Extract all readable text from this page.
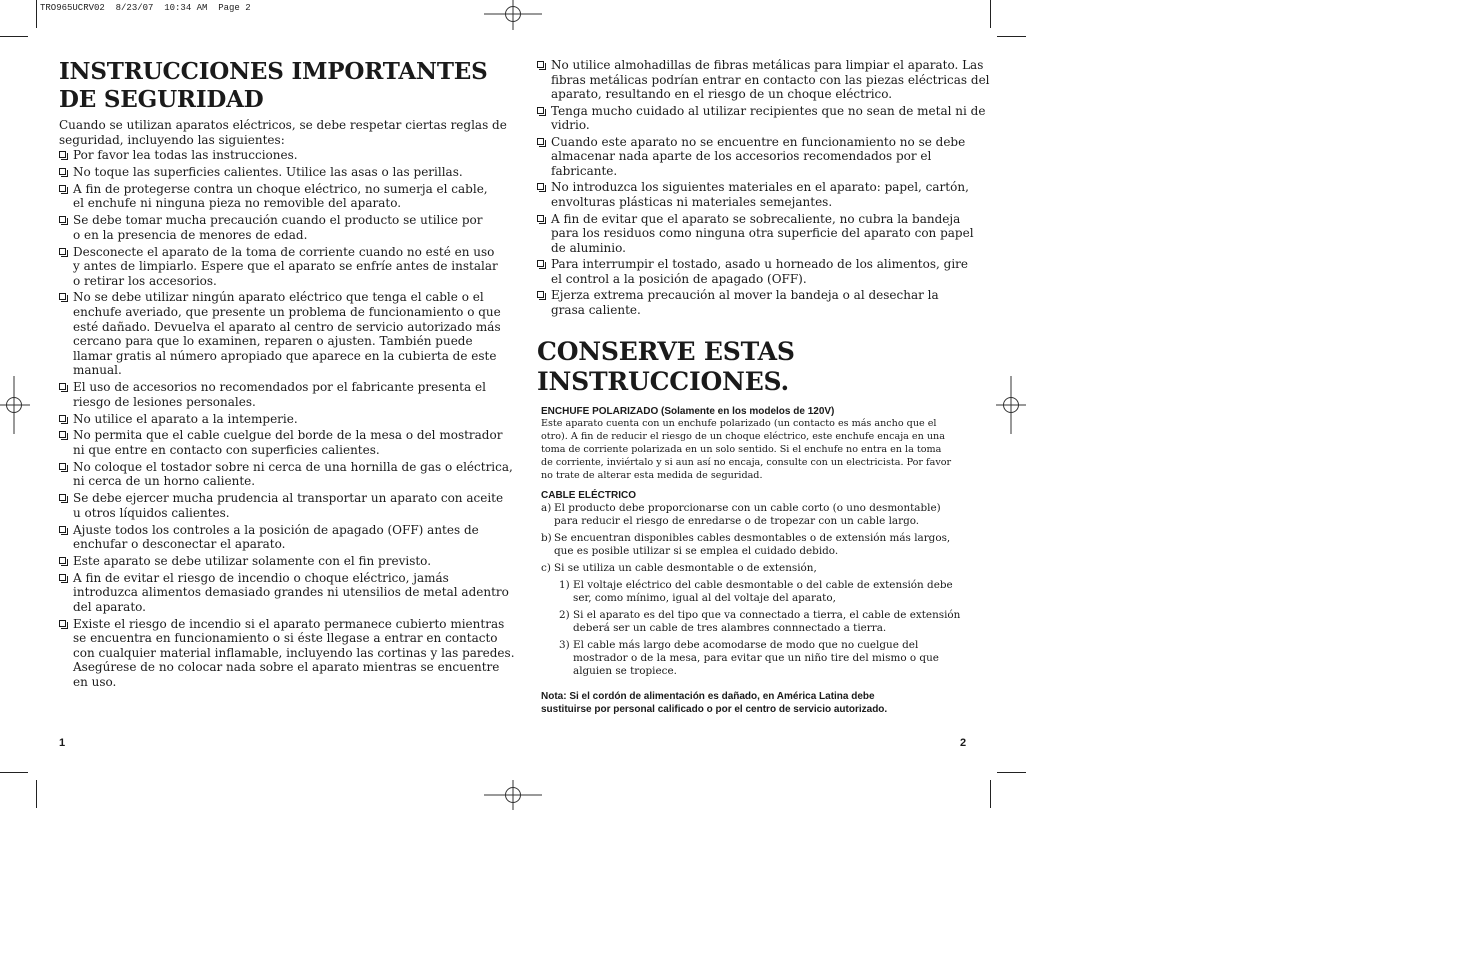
TRO965UCRV02  8/23/07  10:34 AM  Page 2
INSTRUCCIONES IMPORTANTES
DE SEGURIDAD
Cuando se utilizan aparatos eléctricos, se debe respetar ciertas reglas de
seguridad, incluyendo las siguientes:
Por favor lea todas las instrucciones.
No toque las superficies calientes. Utilice las asas o las perillas.
A fin de protegerse contra un choque eléctrico, no sumerja el cable,
el enchufe ni ninguna pieza no removible del aparato.
Se debe tomar mucha precaución cuando el producto se utilice por
o en la presencia de menores de edad.
Desconecte el aparato de la toma de corriente cuando no esté en uso
y antes de limpiarlo. Espere que el aparato se enfríe antes de instalar
o retirar los accesorios.
No se debe utilizar ningún aparato eléctrico que tenga el cable o el
enchufe averiado, que presente un problema de funcionamiento o que
esté dañado. Devuelva el aparato al centro de servicio autorizado más
cercano para que lo examinen, reparen o ajusten. También puede
llamar gratis al número apropiado que aparece en la cubierta de este
manual.
El uso de accesorios no recomendados por el fabricante presenta el
riesgo de lesiones personales.
No utilice el aparato a la intemperie.
No permita que el cable cuelgue del borde de la mesa o del mostrador
ni que entre en contacto con superficies calientes.
No coloque el tostador sobre ni cerca de una hornilla de gas o eléctrica,
ni cerca de un horno caliente.
Se debe ejercer mucha prudencia al transportar un aparato con aceite
u otros líquidos calientes.
Ajuste todos los controles a la posición de apagado (OFF) antes de
enchufar o desconectar el aparato.
Este aparato se debe utilizar solamente con el fin previsto.
A fin de evitar el riesgo de incendio o choque eléctrico, jamás
introduzca alimentos demasiado grandes ni utensilios de metal adentro
del aparato.
Existe el riesgo de incendio si el aparato permanece cubierto mientras
se encuentra en funcionamiento o si éste llegase a entrar en contacto
con cualquier material inflamable, incluyendo las cortinas y las paredes.
Asegúrese de no colocar nada sobre el aparato mientras se encuentre
en uso.
No utilice almohadillas de fibras metálicas para limpiar el aparato. Las
fibras metálicas podrían entrar en contacto con las piezas eléctricas del
aparato, resultando en el riesgo de un choque eléctrico.
Tenga mucho cuidado al utilizar recipientes que no sean de metal ni de
vidrio.
Cuando este aparato no se encuentre en funcionamiento no se debe
almacenar nada aparte de los accesorios recomendados por el
fabricante.
No introduzca los siguientes materiales en el aparato: papel, cartón,
envolturas plásticas ni materiales semejantes.
A fin de evitar que el aparato se sobrecaliente, no cubra la bandeja
para los residuos como ninguna otra superficie del aparato con papel
de aluminio.
Para interrumpir el tostado, asado u horneado de los alimentos, gire
el control a la posición de apagado (OFF).
Ejerza extrema precaución al mover la bandeja o al desechar la
grasa caliente.
CONSERVE ESTAS
INSTRUCCIONES.
ENCHUFE POLARIZADO (Solamente en los modelos de 120V)
Este aparato cuenta con un enchufe polarizado (un contacto es más ancho que el
otro). A fin de reducir el riesgo de un choque eléctrico, este enchufe encaja en una
toma de corriente polarizada en un solo sentido. Si el enchufe no entra en la toma
de corriente, inviértalo y si aun así no encaja, consulte con un electricista. Por favor
no trate de alterar esta medida de seguridad.
CABLE ELÉCTRICO
a) El producto debe proporcionarse con un cable corto (o uno desmontable)
para reducir el riesgo de enredarse o de tropezar con un cable largo.
b) Se encuentran disponibles cables desmontables o de extensión más largos,
que es posible utilizar si se emplea el cuidado debido.
c) Si se utiliza un cable desmontable o de extensión,
1) El voltaje eléctrico del cable desmontable o del cable de extensión debe
ser, como mínimo, igual al del voltaje del aparato,
2) Si el aparato es del tipo que va connectado a tierra, el cable de extensión
deberá ser un cable de tres alambres connnectado a tierra.
3) El cable más largo debe acomodarse de modo que no cuelgue del
mostrador o de la mesa, para evitar que un niño tire del mismo o que
alguien se tropiece.
Nota: Si el cordón de alimentación es dañado, en América Latina debe
sustituirse por personal calificado o por el centro de servicio autorizado.
1	2
